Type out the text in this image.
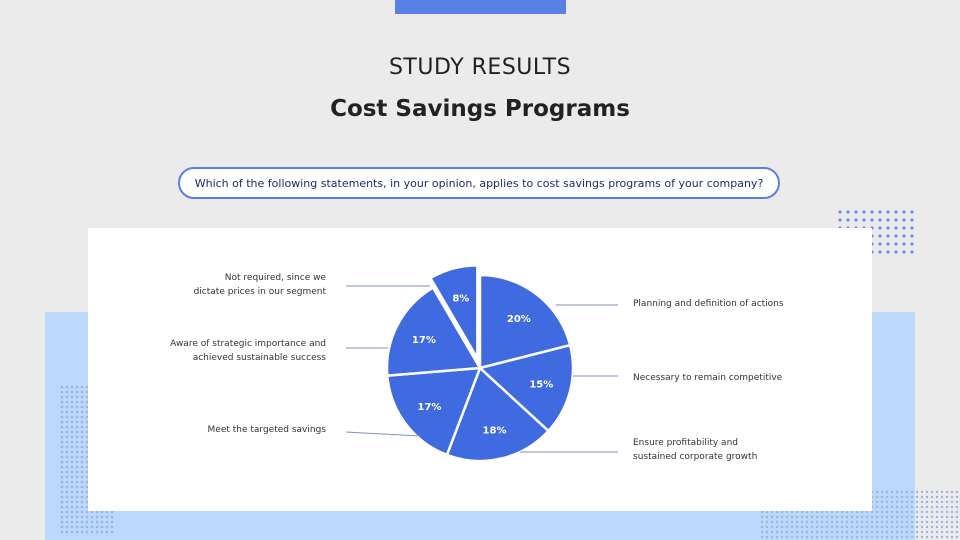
STUDY RESULTS
Cost Savings Programs
Which of the following statements, in your opinion, applies to cost savings programs of your company?
20%
Planning and definition of actions
15%
Necessary to remain competitive
18%
Ensure profitability and
sustained corporate growth
17%
Meet the targeted savings
17%
Aware of strategic importance and
achieved sustainable success
8%
Not required, since we
dictate prices in our segment
